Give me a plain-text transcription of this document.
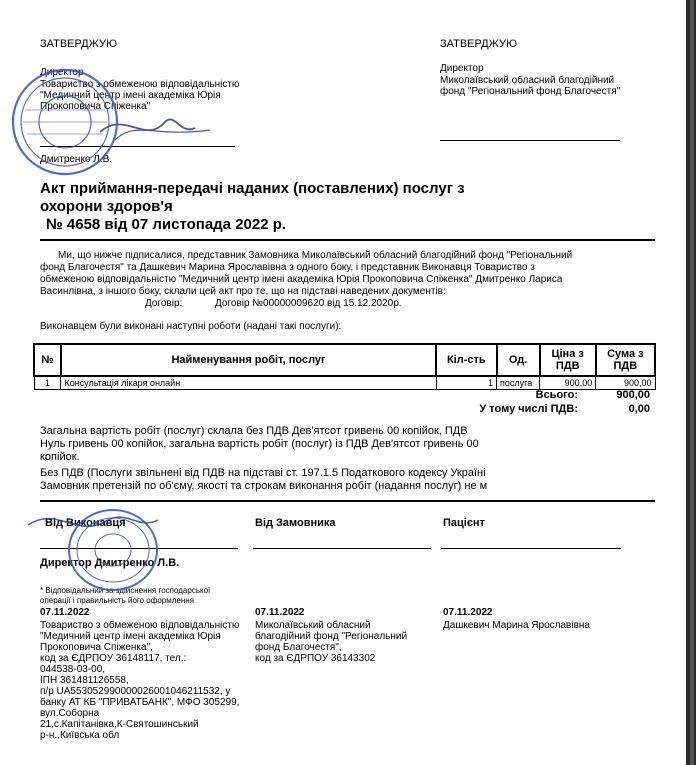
ЗАТВЕРДЖУЮ
Директор
Товариство з обмеженою відповідальністю
"Медичний центр імені академіка Юрія
Прокоповича Спіженка"
Дмитренко Л.В.
ЗАТВЕРДЖУЮ
Директор
Миколаївський обласний благодійний
фонд "Регіональний фонд Благочестя"
Акт приймання-передачі наданих (поставлених) послуг з
охорони здоров'я
№ 4658 від 07 листопада 2022 р.
Ми, що нижче підписалися, представник Замовника Миколаївський обласний благодійний фонд "Регіональний
фонд Благочестя" та Дашкевич Марина Ярославівна з одного боку, і представник Виконавця Товариство з
обмеженою відповідальністю "Медичний центр імені академіка Юрія Прокоповича Спіженка" Дмитренко Лариса
Васинлівна, з іншого боку, склали цей акт про те, що на підставі наведених документів:
Договір:	Договір №00000009620 від 15.12.2020р.
Виконавцем були виконані наступні роботи (надані такі послуги):
№	Найменування робіт, послуг	Кіл-сть	Од.	Ціна з ПДВ	Сума з ПДВ
1	Консультація лікаря онлайн	1	послуга	900,00	900,00
Всього:	900,00
У тому числі ПДВ:	0,00
Загальна вартість робіт (послуг) склала без ПДВ Дев'ятсот гривень 00 копійок, ПДВ
Нуль гривень 00 копійок, загальна вартість робіт (послуг) із ПДВ Дев'ятсот гривень 00
копійок.
Без ПДВ (Послуги звільнені від ПДВ на підставі ст. 197.1.5 Податкового кодексу Україні
Замовник претензій по об'єму, якості та строкам виконання робіт (надання послуг) не м
Від Виконавця
Директор Дмитренко Л.В.
* Відповідальний за здійснення господарської
операції і правильність його оформлення
07.11.2022
Товариство з обмеженою відповідальністю
"Медичний центр імені академіка Юрія
Прокоповича Спіженка",
код за ЄДРПОУ 36148117, тел.:
044538-03-00,
ІПН 361481126558,
п/р UA553052990000026001046211532, у
банку АТ КБ "ПРИВАТБАНК", МФО 305299,
вул.Соборна
21,с.Капітанівка,К-Святошинський
р-н.,Київська обл
Від Замовника
07.11.2022
Миколаївський обласний
благодійний фонд "Регіональний
фонд Благочестя",
код за ЄДРПОУ 36143302
Пацієнт
07.11.2022
Дашкевич Марина Ярославівна
